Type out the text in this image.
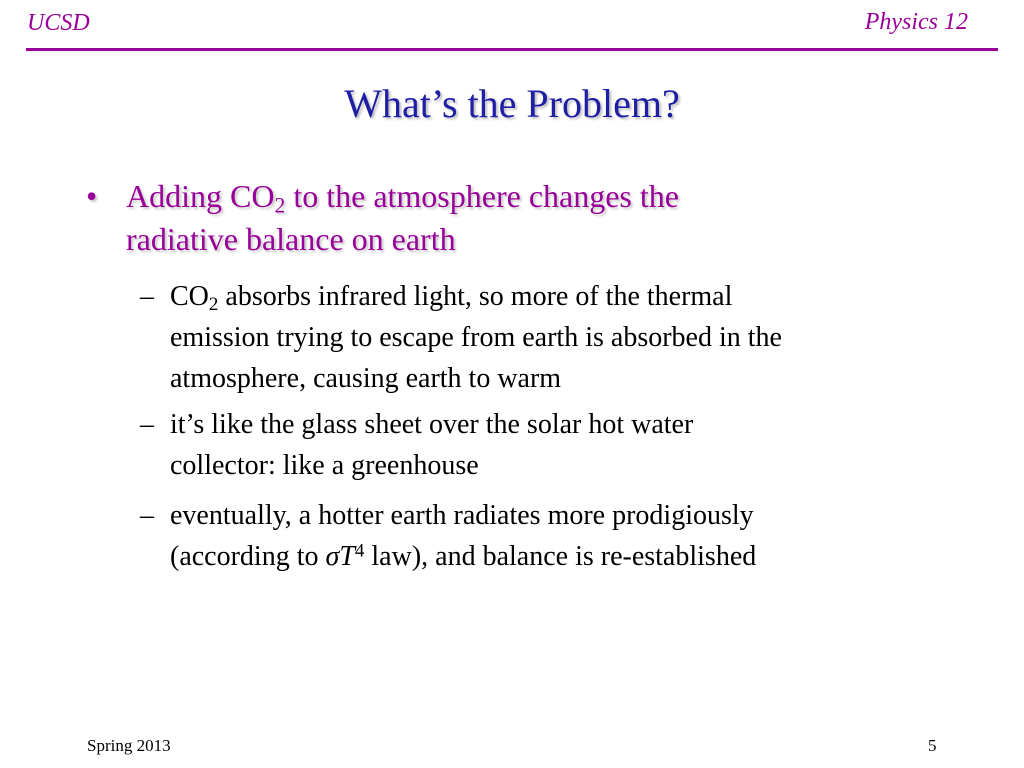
UCSD	Physics 12
What’s the Problem?
• Adding $CO_2$ to the atmosphere changes the
radiative balance on earth
– $CO_2$ absorbs infrared light, so more of the thermal
emission trying to escape from earth is absorbed in the
atmosphere, causing earth to warm
– it’s like the glass sheet over the solar hot water
collector: like a greenhouse
– eventually, a hotter earth radiates more prodigiously
(according to $\sigma T^4$ law), and balance is re-established
Spring 2013	5
